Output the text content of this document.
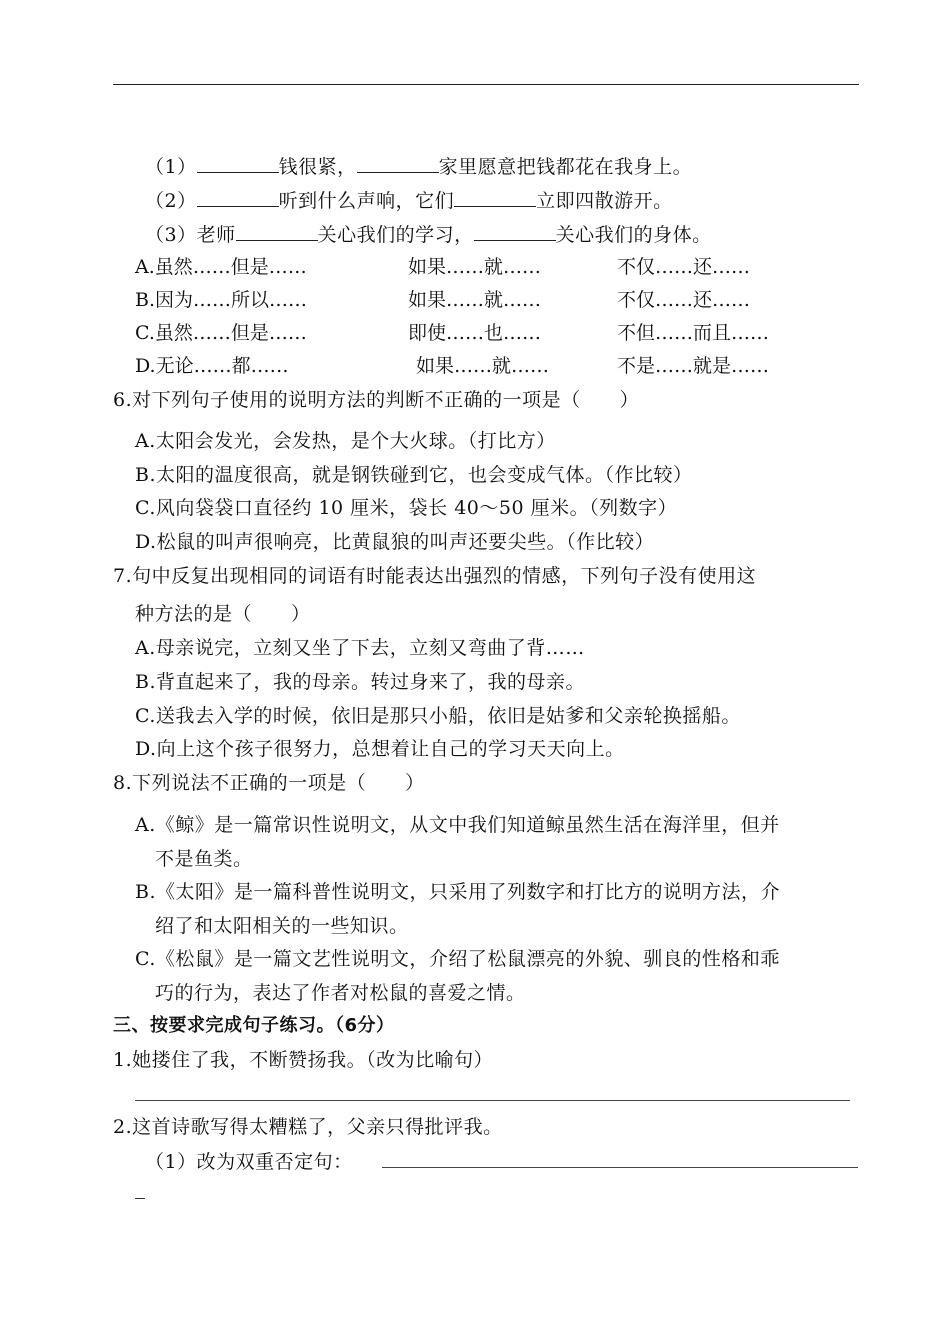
（1）	钱很紧，	家里愿意把钱都花在我身上。
（2）	听到什么声响，它们	立即四散游开。
（3）老师	关心我们的学习，	关心我们的身体。
A.虽然……但是……	如果……就……	不仅……还……
B.因为……所以……	如果……就……	不仅……还……
C.虽然……但是……	即使……也……	不但……而且……
D.无论……都……	如果……就……	不是……就是……
6.对下列句子使用的说明方法的判断不正确的一项是（　　）
A.太阳会发光，会发热，是个大火球。（打比方）
B.太阳的温度很高，就是钢铁碰到它，也会变成气体。（作比较）
C.风向袋袋口直径约 10 厘米，袋长 40～50 厘米。（列数字）
D.松鼠的叫声很响亮，比黄鼠狼的叫声还要尖些。（作比较）
7.句中反复出现相同的词语有时能表达出强烈的情感，下列句子没有使用这
种方法的是（　　）
A.母亲说完，立刻又坐了下去，立刻又弯曲了背……
B.背直起来了，我的母亲。转过身来了，我的母亲。
C.送我去入学的时候，依旧是那只小船，依旧是姑爹和父亲轮换摇船。
D.向上这个孩子很努力，总想着让自己的学习天天向上。
8.下列说法不正确的一项是（　　）
A.《鲸》是一篇常识性说明文，从文中我们知道鲸虽然生活在海洋里，但并
不是鱼类。
B.《太阳》是一篇科普性说明文，只采用了列数字和打比方的说明方法，介
绍了和太阳相关的一些知识。
C.《松鼠》是一篇文艺性说明文，介绍了松鼠漂亮的外貌、驯良的性格和乖
巧的行为，表达了作者对松鼠的喜爱之情。
三、按要求完成句子练习。（6分）
1.她搂住了我，不断赞扬我。（改为比喻句）
2.这首诗歌写得太糟糕了，父亲只得批评我。
（1）改为双重否定句：
